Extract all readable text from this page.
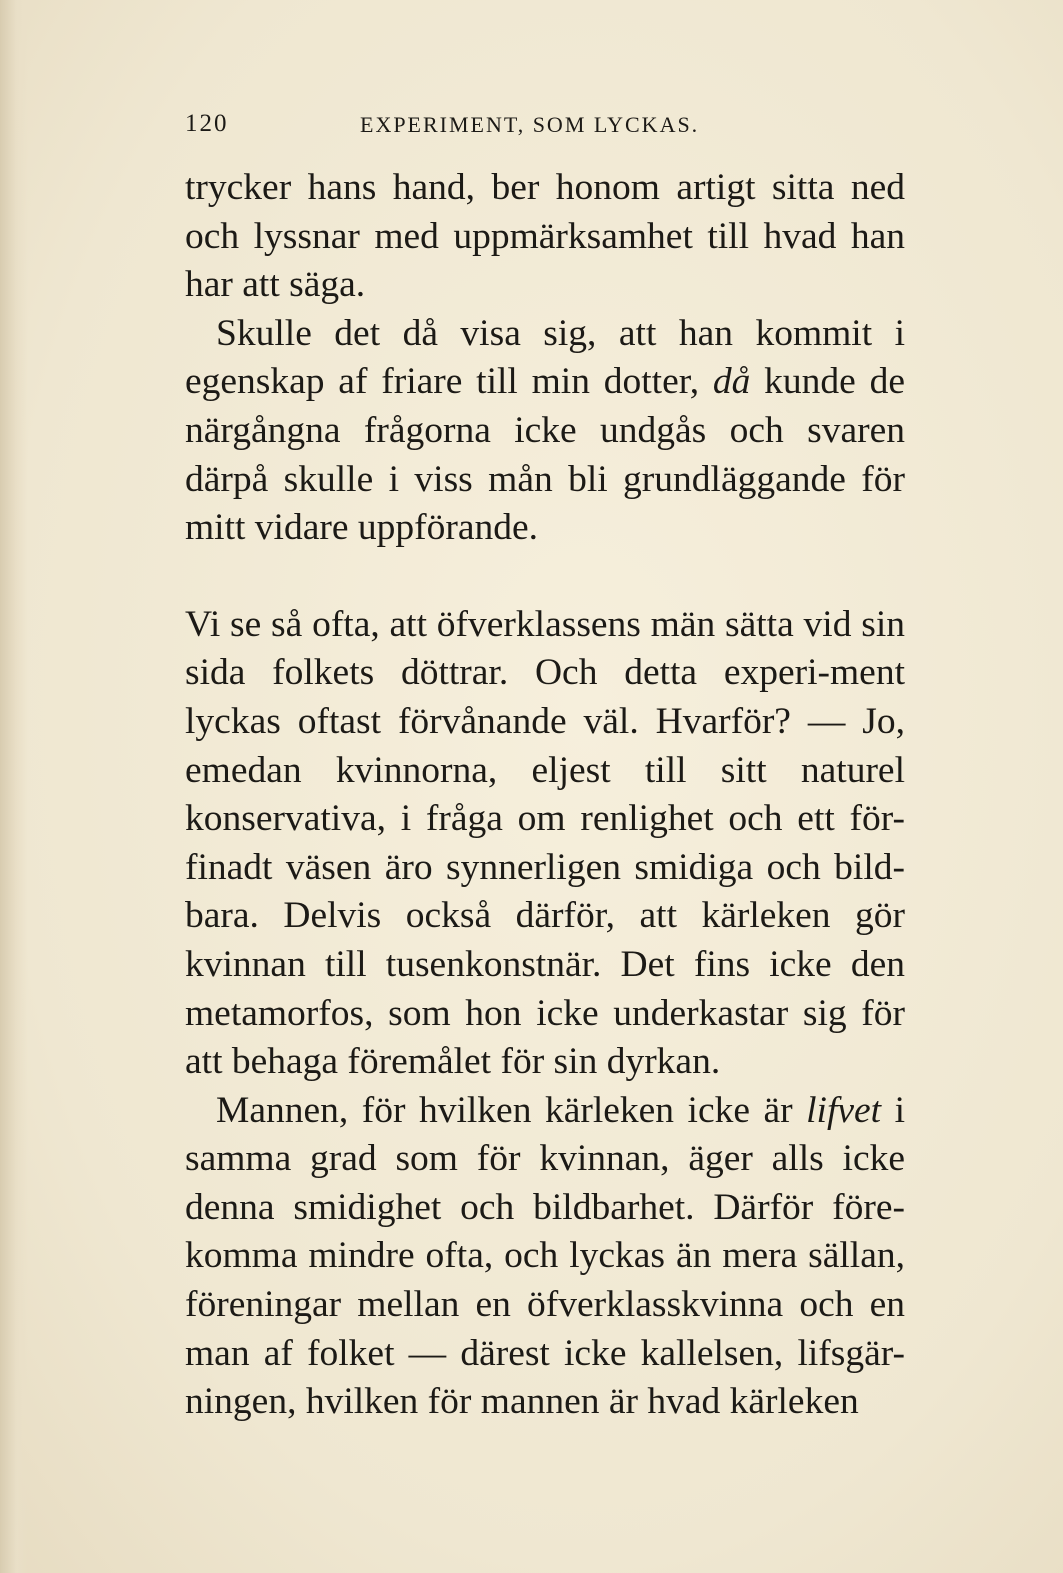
120	EXPERIMENT, SOM LYCKAS.

trycker hans hand, ber honom artigt sitta ned och lyssnar med uppmärksamhet till hvad han har att säga.

Skulle det då visa sig, att han kommit i egenskap af friare till min dotter, då kunde de närgångna frågorna icke undgås och svaren därpå skulle i viss mån bli grundläggande för mitt vidare uppförande.

Vi se så ofta, att öfverklassens män sätta vid sin sida folkets döttrar. Och detta experi-ment lyckas oftast förvånande väl. Hvarför? — Jo, emedan kvinnorna, eljest till sitt naturel konservativa, i fråga om renlighet och ett för-finadt väsen äro synnerligen smidiga och bild-bara. Delvis också därför, att kärleken gör kvinnan till tusenkonstnär. Det fins icke den metamorfos, som hon icke underkastar sig för att behaga föremålet för sin dyrkan.

Mannen, för hvilken kärleken icke är lifvet i samma grad som för kvinnan, äger alls icke denna smidighet och bildbarhet. Därför före-komma mindre ofta, och lyckas än mera sällan, föreningar mellan en öfverklasskvinna och en man af folket — därest icke kallelsen, lifsgär-ningen, hvilken för mannen är hvad kärleken
